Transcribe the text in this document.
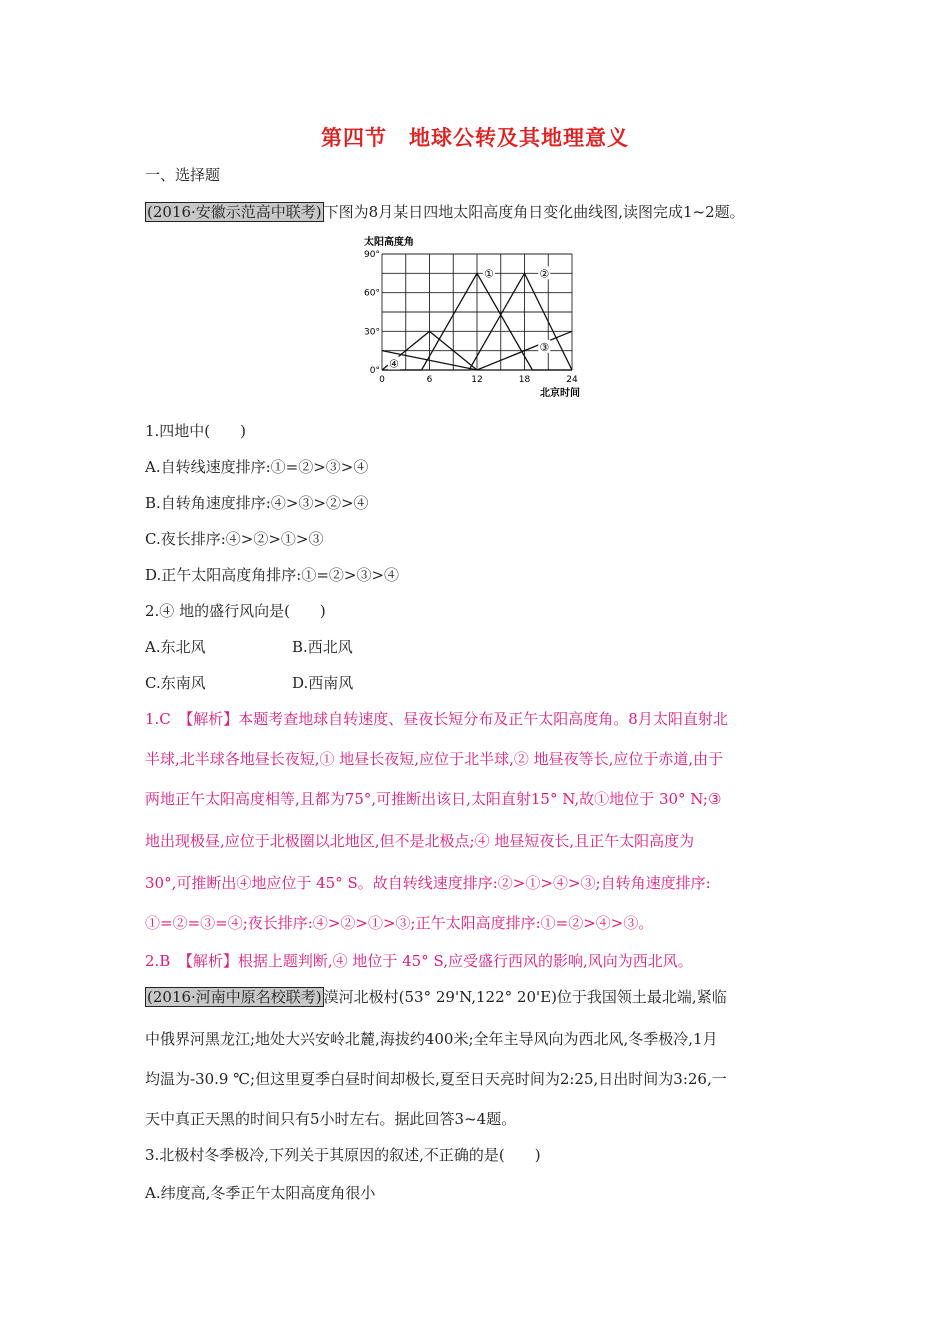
第四节　地球公转及其地理意义
一、选择题
(2016·安徽示范高中联考) 下图为8月某日四地太阳高度角日变化曲线图,读图完成1~2题。
太阳高度角
北京时间
0°
30°
60°
90°
0	6	12	18	24
①	②
③
④
1.四地中(　　)
A.自转线速度排序:①=②>③>④
B.自转角速度排序:④>③>②>④
C.夜长排序:④>②>①>③
D.正午太阳高度角排序:①=②>③>④
2.④ 地的盛行风向是(　　)
A.东北风	B.西北风
C.东南风	D.西南风
1.C　【解析】本题考查地球自转速度、昼夜长短分布及正午太阳高度角。8月太阳直射北
半球,北半球各地昼长夜短,① 地昼长夜短,应位于北半球,② 地昼夜等长,应位于赤道,由于
两地正午太阳高度相等,且都为75°,可推断出该日,太阳直射15° N,故①地位于 30° N;③
地出现极昼,应位于北极圈以北地区,但不是北极点;④ 地昼短夜长,且正午太阳高度为
30°,可推断出④地应位于 45° S。故自转线速度排序:②>①>④>③;自转角速度排序:
①=②=③=④;夜长排序:④>②>①>③;正午太阳高度排序:①=②>④>③。
2.B　【解析】根据上题判断,④ 地位于 45° S,应受盛行西风的影响,风向为西北风。
(2016·河南中原名校联考) 漠河北极村(53° 29'N,122° 20'E)位于我国领土最北端,紧临
中俄界河黑龙江;地处大兴安岭北麓,海拔约400米;全年主导风向为西北风,冬季极冷,1月
均温为-30.9 ℃;但这里夏季白昼时间却极长,夏至日天亮时间为2:25,日出时间为3:26,一
天中真正天黑的时间只有5小时左右。据此回答3~4题。
3.北极村冬季极冷,下列关于其原因的叙述,不正确的是(　　)
A.纬度高,冬季正午太阳高度角很小
